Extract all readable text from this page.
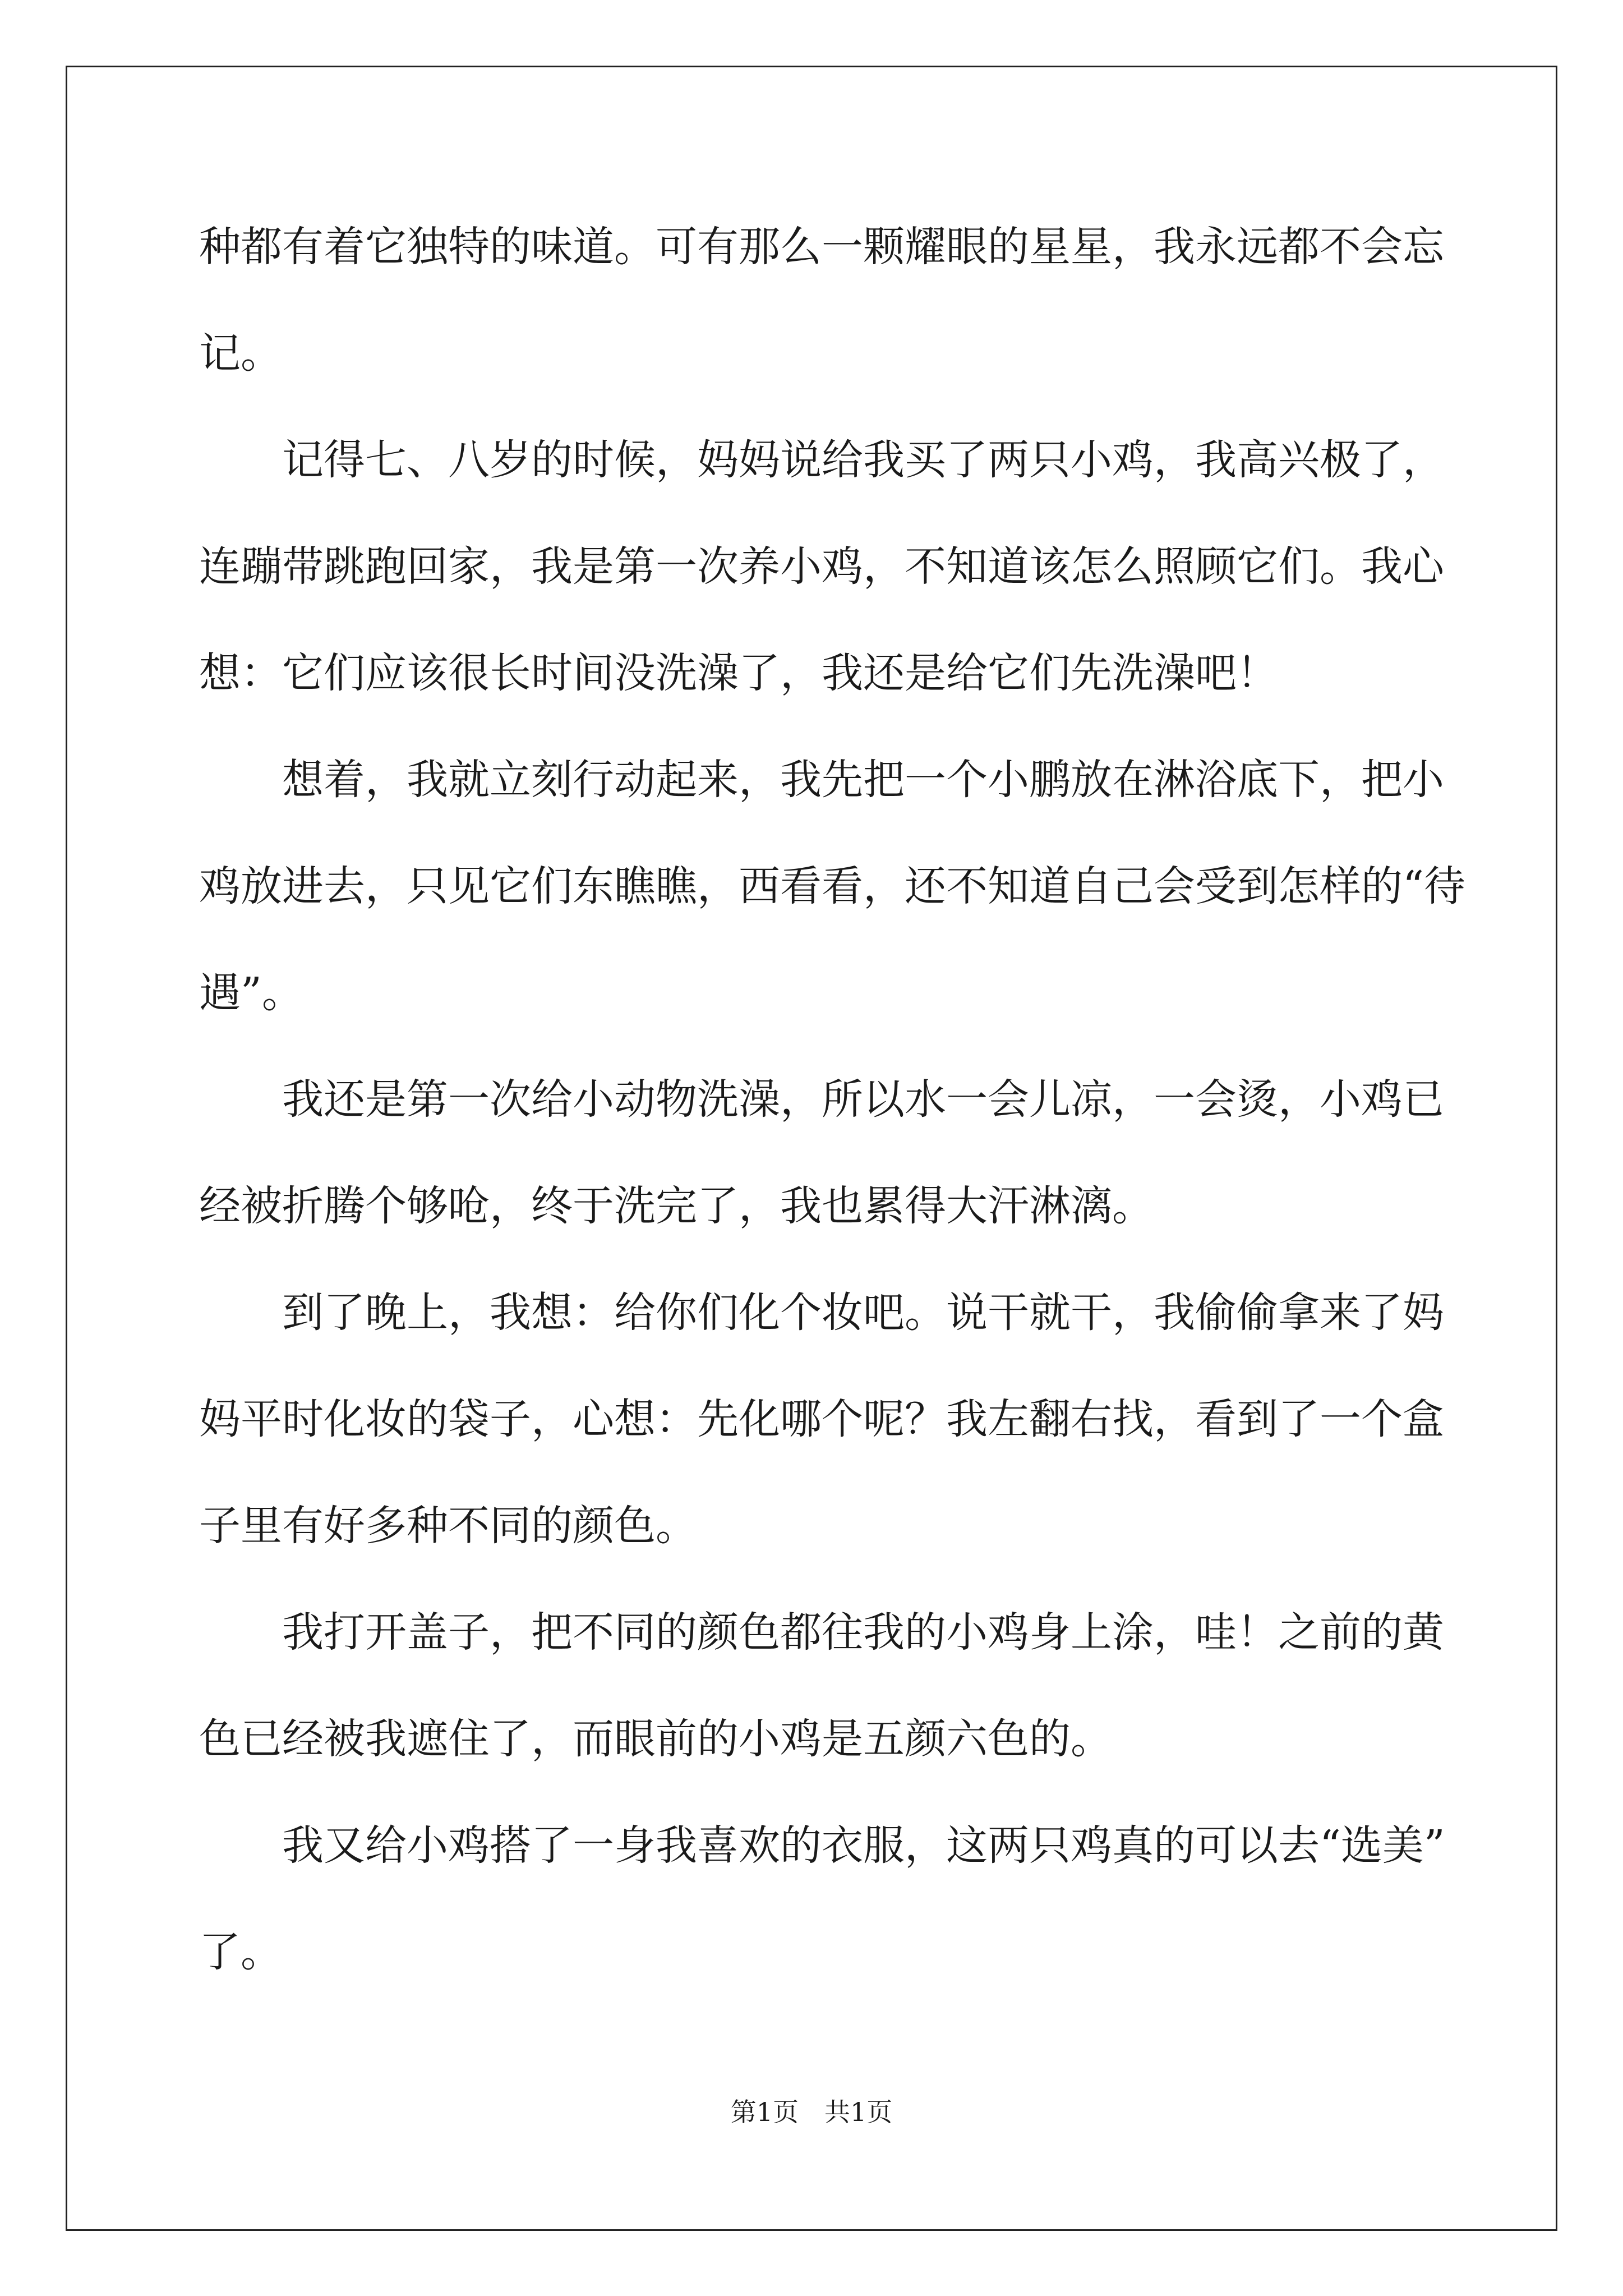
种都有着它独特的味道。可有那么一颗耀眼的星星，我永远都不会忘
记。
记得七、八岁的时候，妈妈说给我买了两只小鸡，我高兴极了，
连蹦带跳跑回家，我是第一次养小鸡，不知道该怎么照顾它们。我心
想：它们应该很长时间没洗澡了，我还是给它们先洗澡吧！
想着，我就立刻行动起来，我先把一个小鹏放在淋浴底下，把小
鸡放进去，只见它们东瞧瞧，西看看，还不知道自己会受到怎样的“待
遇”。
我还是第一次给小动物洗澡，所以水一会儿凉，一会烫，小鸡已
经被折腾个够呛，终于洗完了，我也累得大汗淋漓。
到了晚上，我想：给你们化个妆吧。说干就干，我偷偷拿来了妈
妈平时化妆的袋子，心想：先化哪个呢？我左翻右找，看到了一个盒
子里有好多种不同的颜色。
我打开盖子，把不同的颜色都往我的小鸡身上涂，哇！之前的黄
色已经被我遮住了，而眼前的小鸡是五颜六色的。
我又给小鸡搭了一身我喜欢的衣服，这两只鸡真的可以去“选美”
了。
第1页　共1页
